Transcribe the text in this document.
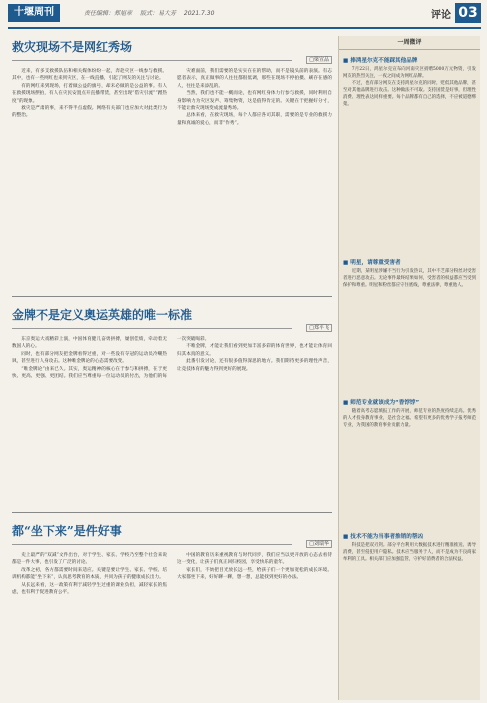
十堰周刊	责任编辑：郑旭章 版式：易大芳 2021.7.30	评论 03
救灾现场不是网红秀场
□梁宣品

近来，有多支救援队伍和相关媒体纷纷一起，奔赴灾区一线参与救援。其中，也有一些网红也来到灾区，在一线直播，引起了网友的关注与讨论。

有的网红来到现场，打着做公益的旗号，却未必做的是公益的事。有人在救援现场摆拍，有人在灾民安置点开直播带货，甚至出现“借灾引流”“蹭热度”的现象。

救灾是严肃的事，来不得半点虚假。网络有关部门也应加大对此类行为的整治。

灾难面前，我们需要的是实实在在的帮助，而不是镜头前的表演。有志愿者表示，真正做事的人往往都很低调，那些在现场不停拍摄、刷存在感的人，往往是来添乱的。

当然，我们也不能一概而论，也有网红身体力行参与救援，同时利用自身影响力为灾区发声、筹集物资，这是值得肯定的。关键在于把握好分寸，不能让救灾现场变成流量秀场。

总体来看，在救灾现场，每个人都应各司其职，需要的是专业的救援力量和真诚的爱心，而非“作秀”。

金牌不是定义奥运英雄的唯一标准
□郑平飞

东京奥运大戏精彩上演，中国体育健儿奋勇拼搏，屡创佳绩，牵动着无数国人的心。

同时，也有部分网友把金牌看得过重，对一些没有夺冠的运动员冷嘲热讽，甚至进行人身攻击。这种唯金牌论的心态需要改变。

“唯金牌论”由来已久。其实，奥运精神的核心在于参与和拼搏，在于更快、更高、更强、更团结。我们应当尊重每一位运动员的付出，为他们的每一次突破喝彩。

不唯金牌，才能让我们看到更加丰富多彩的体育世界，也才能让体育回归其本真的意义。

此番引发讨论，还有很多值得深思的地方。我们期待更多的理性声音，让竞技体育的魅力得到更好的展现。

都“坐下来”是件好事
□刘瑞华

史上最严的“双减”文件出台，对于学生、家长、学校乃至整个社会来说都是一件大事，也引发了广泛的讨论。

改革之初，各方都需要时间来适应。关键是要让学生、家长、学校、培训机构都能“坐下来”，认真思考教育的本质，共同为孩子的健康成长出力。

从长远来看，这一政策有利于减轻学生过重的课业负担，减轻家长的焦虑，也有利于促进教育公平。

中国的教育历来重视教育与时代同步，我们应当以更开放的心态去看待这一变化，让孩子们真正回归校园，享受快乐的童年。

家长们，不妨把目光放长远一些，给孩子们一个更加宽松的成长环境。大家都坐下来，好好聊一聊，想一想，总能找到更好的办法。

一周微评
■ 捧鸿星尔克不能踩其他品牌

7月22日，鸿星尔克宣布向河南灾区捐赠5000万元物资，引发网友的热烈关注，一夜之间成为网红品牌。

不过，也有部分网友在支持鸿星尔克的同时，贬低其他品牌，甚至对其他品牌进行攻击。这种做法不可取。支持国货是好事，但理性消费、理性表达同样重要。每个品牌都有自己的选择，不应被道德绑架。

■ 明星，请尊重受害者

近期，某明星涉嫌不当行为引发热议，其中不乏部分粉丝对受害者进行恶意攻击。无论事件最终结果如何，受害者的权益都应当受到保护和尊重。明星和粉丝都应守住底线，尊重法律，尊重他人。

■ 师范专业就该成为“香饽饽”

随着高考志愿填报工作的开展，师范专业的热度持续走高。优秀的人才投身教育事业，是社会之福。希望有更多的优秀学子报考师范专业，为我国的教育事业贡献力量。

■ 技术不能为当事者推销的帮凶

科技是把双刃剑。部分平台利用大数据技术进行精准推送、诱导消费，甚至侵犯用户隐私。技术应当服务于人，而不是成为不良商家牟利的工具。相关部门应加强监管，守护好消费者的合法权益。
